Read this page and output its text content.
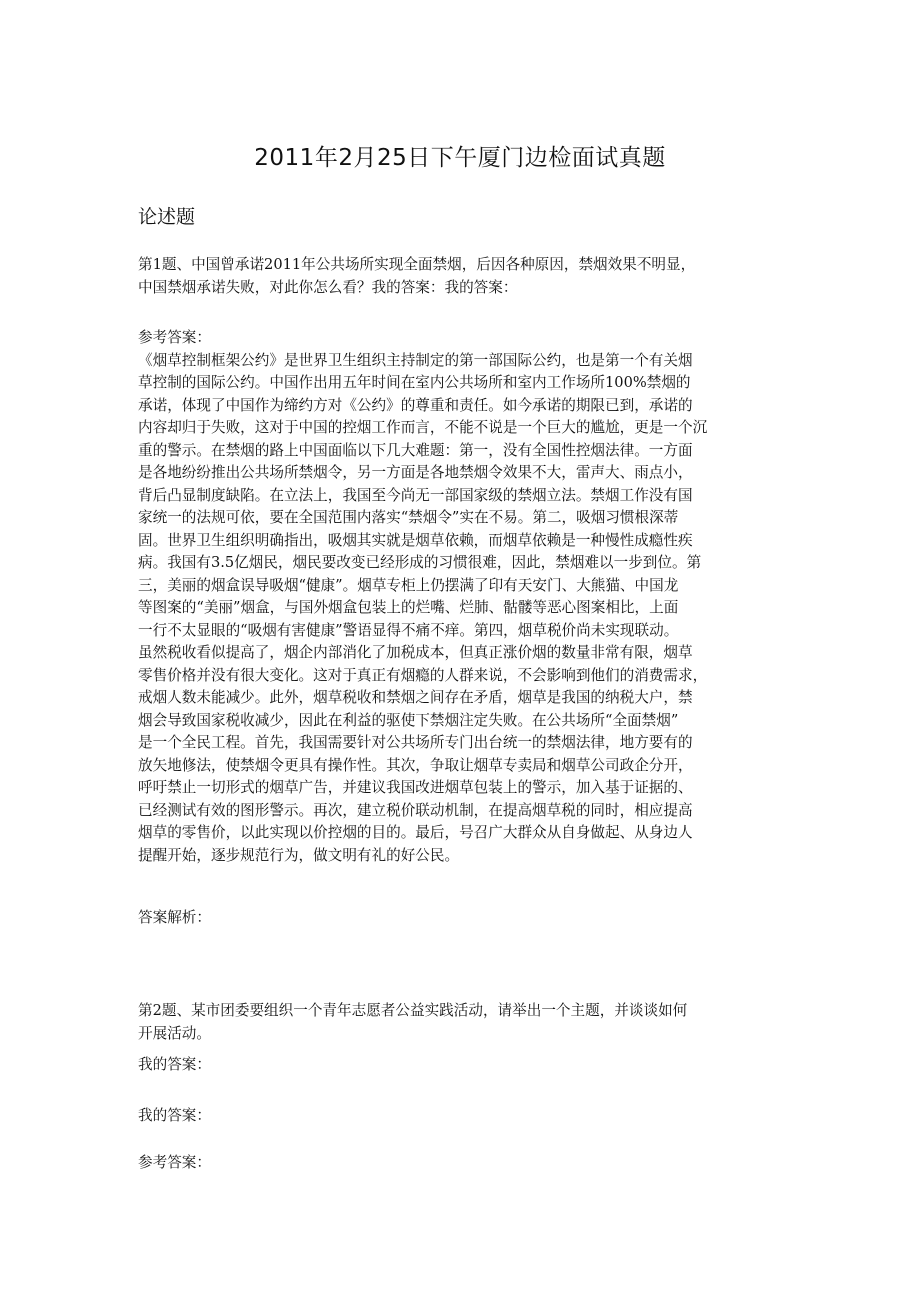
2011年2月25日下午厦门边检面试真题
论述题
第1题、中国曾承诺2011年公共场所实现全面禁烟，后因各种原因，禁烟效果不明显，
中国禁烟承诺失败，对此你怎么看？我的答案：我的答案：
参考答案：
《烟草控制框架公约》是世界卫生组织主持制定的第一部国际公约，也是第一个有关烟
草控制的国际公约。中国作出用五年时间在室内公共场所和室内工作场所100%禁烟的
承诺，体现了中国作为缔约方对《公约》的尊重和责任。如今承诺的期限已到，承诺的
内容却归于失败，这对于中国的控烟工作而言，不能不说是一个巨大的尴尬，更是一个沉
重的警示。在禁烟的路上中国面临以下几大难题：第一，没有全国性控烟法律。一方面
是各地纷纷推出公共场所禁烟令，另一方面是各地禁烟令效果不大，雷声大、雨点小，
背后凸显制度缺陷。在立法上，我国至今尚无一部国家级的禁烟立法。禁烟工作没有国
家统一的法规可依，要在全国范围内落实“禁烟令”实在不易。第二，吸烟习惯根深蒂
固。世界卫生组织明确指出，吸烟其实就是烟草依赖，而烟草依赖是一种慢性成瘾性疾
病。我国有3.5亿烟民，烟民要改变已经形成的习惯很难，因此，禁烟难以一步到位。第
三，美丽的烟盒误导吸烟“健康”。烟草专柜上仍摆满了印有天安门、大熊猫、中国龙
等图案的“美丽”烟盒，与国外烟盒包装上的烂嘴、烂肺、骷髅等恶心图案相比，上面
一行不太显眼的“吸烟有害健康”警语显得不痛不痒。第四，烟草税价尚未实现联动。
虽然税收看似提高了，烟企内部消化了加税成本，但真正涨价烟的数量非常有限，烟草
零售价格并没有很大变化。这对于真正有烟瘾的人群来说，不会影响到他们的消费需求，
戒烟人数未能减少。此外，烟草税收和禁烟之间存在矛盾，烟草是我国的纳税大户，禁
烟会导致国家税收减少，因此在利益的驱使下禁烟注定失败。在公共场所“全面禁烟”
是一个全民工程。首先，我国需要针对公共场所专门出台统一的禁烟法律，地方要有的
放矢地修法，使禁烟令更具有操作性。其次，争取让烟草专卖局和烟草公司政企分开，
呼吁禁止一切形式的烟草广告，并建议我国改进烟草包装上的警示，加入基于证据的、
已经测试有效的图形警示。再次，建立税价联动机制，在提高烟草税的同时，相应提高
烟草的零售价，以此实现以价控烟的目的。最后，号召广大群众从自身做起、从身边人
提醒开始，逐步规范行为，做文明有礼的好公民。
答案解析：
第2题、某市团委要组织一个青年志愿者公益实践活动，请举出一个主题，并谈谈如何
开展活动。
我的答案：
我的答案：
参考答案：
